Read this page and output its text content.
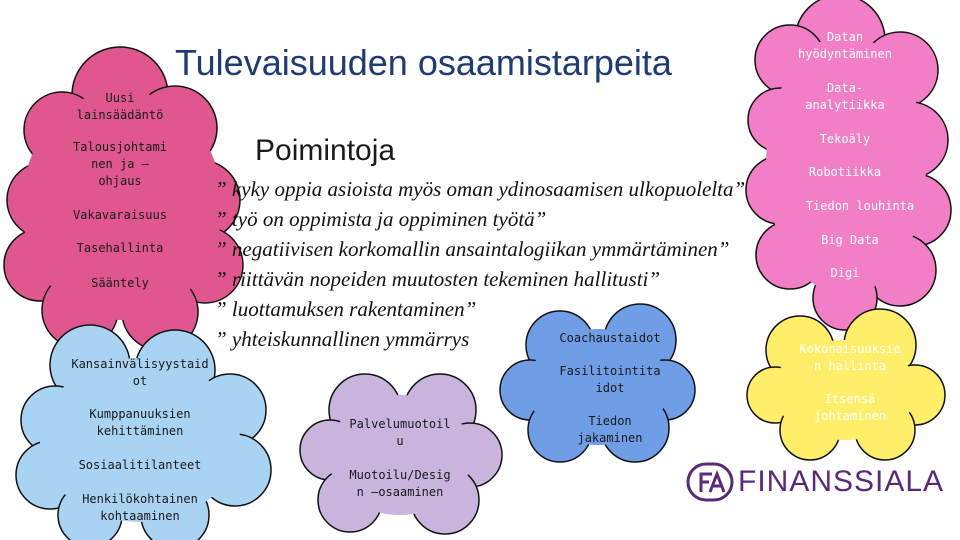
Tulevaisuuden osaamistarpeita
Poimintoja
” kyky oppia asioista myös oman ydinosaamisen ulkopuolelta”
” työ on oppimista ja oppiminen työtä”
” negatiivisen korkomallin ansaintalogiikan ymmärtäminen”
” riittävän nopeiden muutosten tekeminen hallitusti”
” luottamuksen rakentaminen”
” yhteiskunnallinen ymmärrys
Uusi
lainsäädäntö
Talousjohtami
nen ja –
ohjaus
Vakavaraisuus
Tasehallinta
Sääntely
Datan
hyödyntäminen
Data-
analytiikka
Tekoäly
Robotiikka
Tiedon louhinta
Big Data
Digi
Kansainvälisyystaid
ot
Kumppanuuksien
kehittäminen
Sosiaalitilanteet
Henkilökohtainen
kohtaaminen
Palvelumuotoil
u
Muotoilu/Desig
n –osaaminen
Coachaustaidot
Fasilitointita
idot
Tiedon
jakaminen
Kokonaisuuksie
n hallinta
Itsensä
johtaminen
FINANSSIALA
